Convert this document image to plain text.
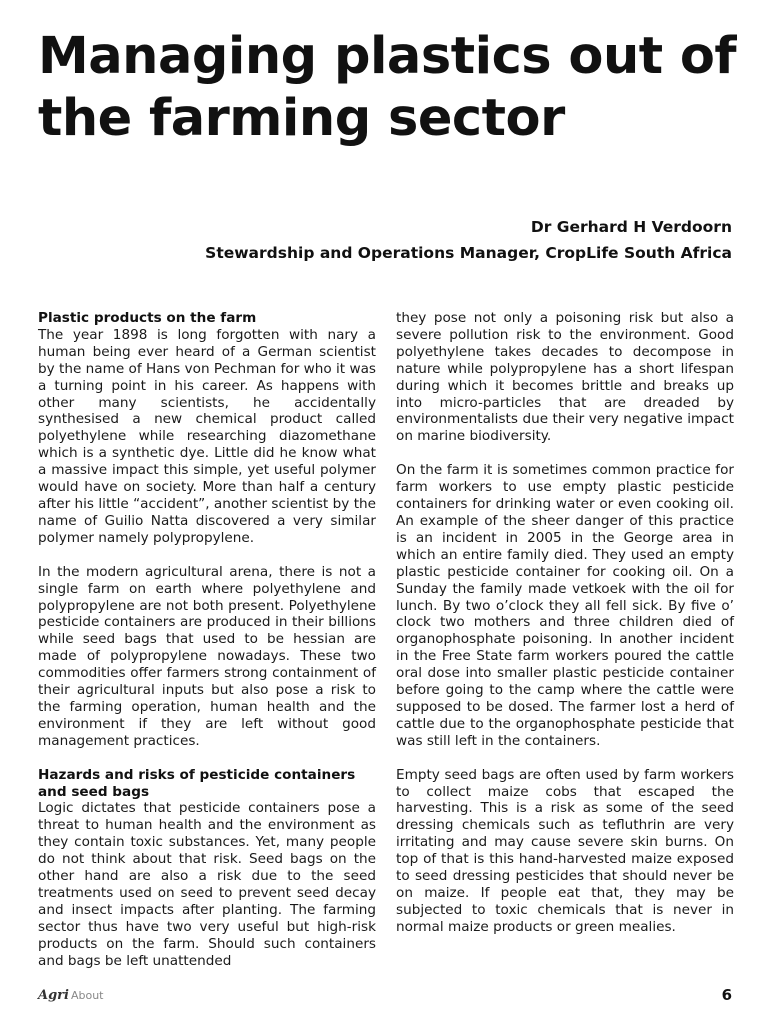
Managing plastics out of the farming sector
Dr Gerhard H Verdoorn
Stewardship and Operations Manager, CropLife South Africa
Plastic products on the farm

The year 1898 is long forgotten with nary a human being ever heard of a German scientist by the name of Hans von Pechman for who it was a turning point in his career. As happens with other many scientists, he accidentally synthesised a new chemical product called polyethylene while researching diazomethane which is a synthetic dye. Little did he know what a massive impact this simple, yet useful polymer would have on society. More than half a century after his little “accident”, another scientist by the name of Guilio Natta discovered a very similar polymer namely polypropylene.

In the modern agricultural arena, there is not a single farm on earth where polyethylene and polypropylene are not both present. Polyethylene pesticide containers are produced in their billions while seed bags that used to be hessian are made of polypropylene nowadays. These two commodities offer farmers strong containment of their agricultural inputs but also pose a risk to the farming operation, human health and the environment if they are left without good management practices.

Hazards and risks of pesticide containers and seed bags

Logic dictates that pesticide containers pose a threat to human health and the environment as they contain toxic substances. Yet, many people do not think about that risk. Seed bags on the other hand are also a risk due to the seed treatments used on seed to prevent seed decay and insect impacts after planting. The farming sector thus have two very useful but high-risk products on the farm. Should such containers and bags be left unattended

they pose not only a poisoning risk but also a severe pollution risk to the environment. Good polyethylene takes decades to decompose in nature while polypropylene has a short lifespan during which it becomes brittle and breaks up into micro-particles that are dreaded by environmentalists due their very negative impact on marine biodiversity.

On the farm it is sometimes common practice for farm workers to use empty plastic pesticide containers for drinking water or even cooking oil. An example of the sheer danger of this practice is an incident in 2005 in the George area in which an entire family died. They used an empty plastic pesticide container for cooking oil. On a Sunday the family made vetkoek with the oil for lunch. By two o’clock they all fell sick. By five o’ clock two mothers and three children died of organophosphate poisoning. In another incident in the Free State farm workers poured the cattle oral dose into smaller plastic pesticide container before going to the camp where the cattle were supposed to be dosed. The farmer lost a herd of cattle due to the organophosphate pesticide that was still left in the containers.

Empty seed bags are often used by farm workers to collect maize cobs that escaped the harvesting. This is a risk as some of the seed dressing chemicals such as tefluthrin are very irritating and may cause severe skin burns. On top of that is this hand-harvested maize exposed to seed dressing pesticides that should never be on maize. If people eat that, they may be subjected to toxic chemicals that is never in normal maize products or green mealies.

Agri About	6
